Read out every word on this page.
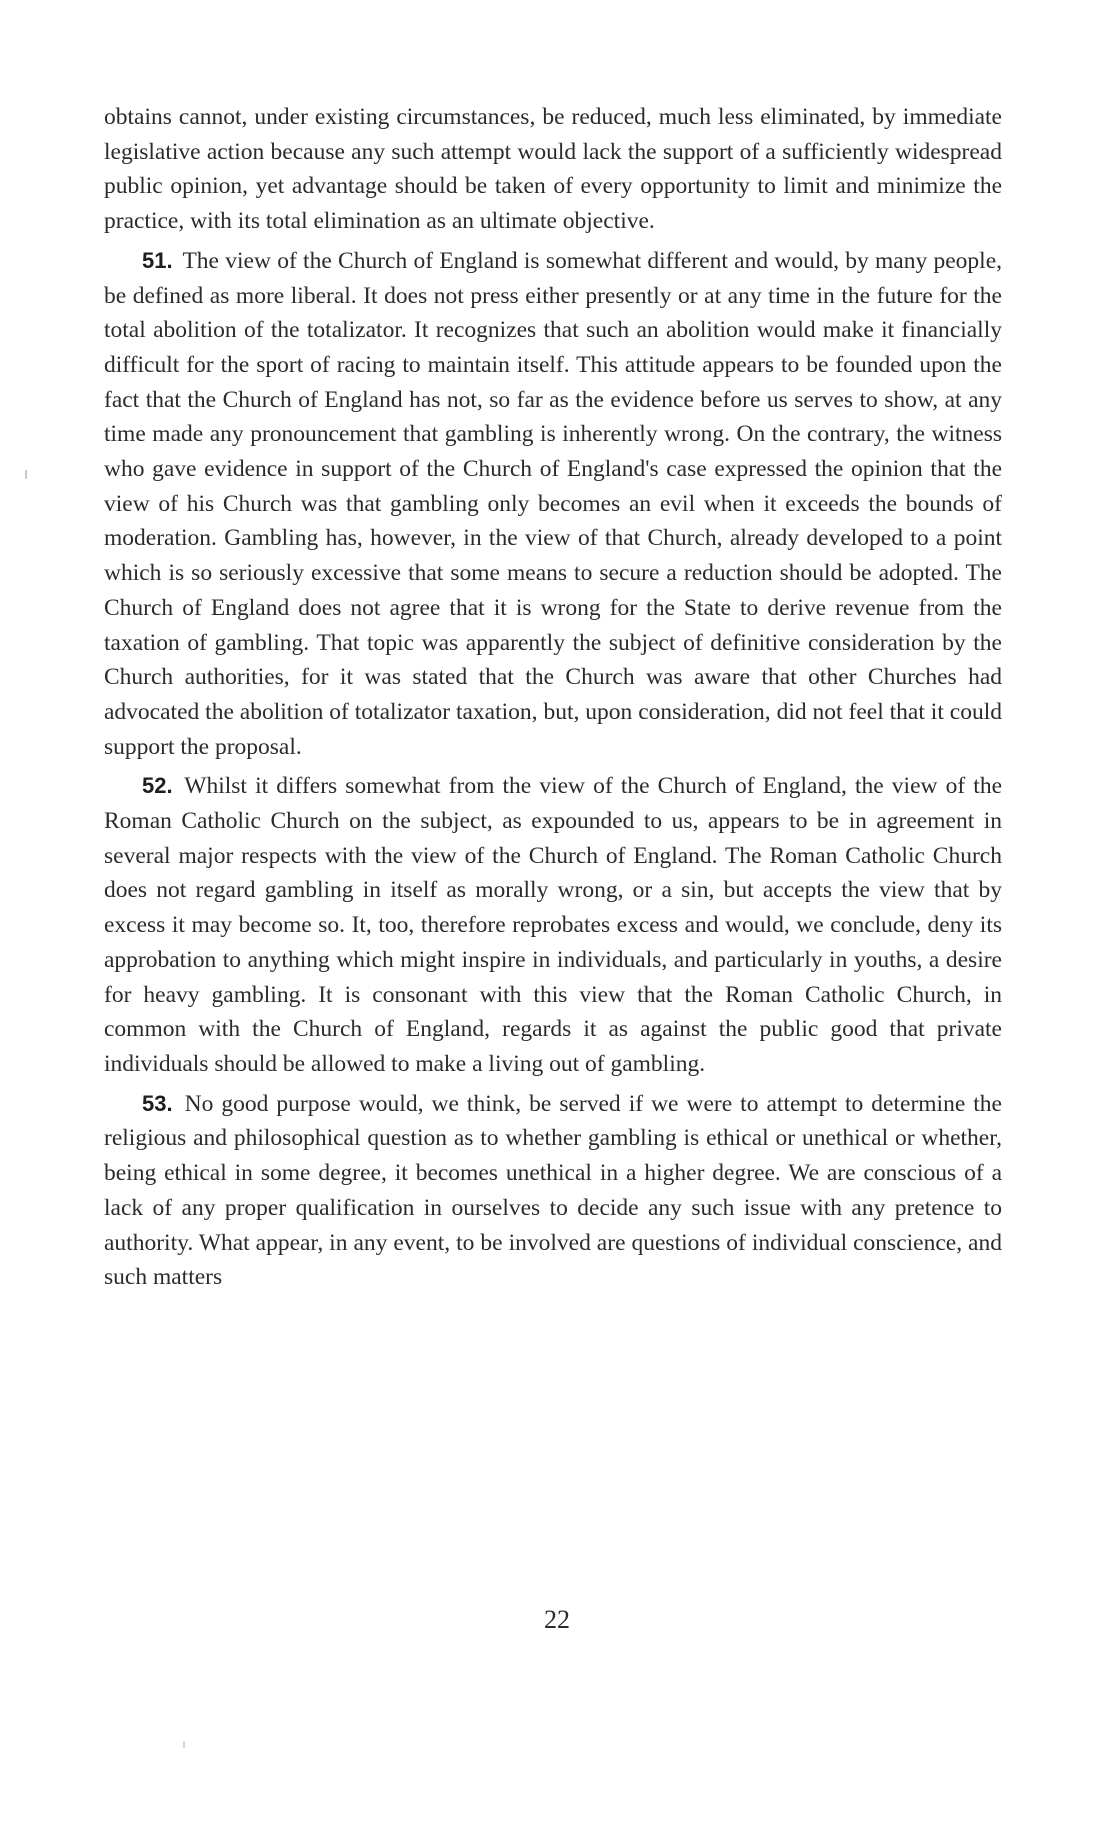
obtains cannot, under existing circumstances, be reduced, much less eliminated, by immediate legislative action because any such attempt would lack the support of a sufficiently widespread public opinion, yet advantage should be taken of every opportunity to limit and minimize the practice, with its total elimination as an ultimate objective.

51. The view of the Church of England is somewhat different and would, by many people, be defined as more liberal. It does not press either presently or at any time in the future for the total abolition of the totalizator. It recognizes that such an abolition would make it financially difficult for the sport of racing to maintain itself. This attitude appears to be founded upon the fact that the Church of England has not, so far as the evidence before us serves to show, at any time made any pronouncement that gambling is inherently wrong. On the contrary, the witness who gave evidence in support of the Church of England's case expressed the opinion that the view of his Church was that gambling only becomes an evil when it exceeds the bounds of moderation. Gambling has, however, in the view of that Church, already developed to a point which is so seriously excessive that some means to secure a reduction should be adopted. The Church of England does not agree that it is wrong for the State to derive revenue from the taxation of gambling. That topic was apparently the subject of definitive consideration by the Church authorities, for it was stated that the Church was aware that other Churches had advocated the abolition of totalizator taxation, but, upon consideration, did not feel that it could support the proposal.

52. Whilst it differs somewhat from the view of the Church of England, the view of the Roman Catholic Church on the subject, as expounded to us, appears to be in agreement in several major respects with the view of the Church of England. The Roman Catholic Church does not regard gambling in itself as morally wrong, or a sin, but accepts the view that by excess it may become so. It, too, therefore reprobates excess and would, we conclude, deny its approbation to anything which might inspire in individuals, and particularly in youths, a desire for heavy gambling. It is consonant with this view that the Roman Catholic Church, in common with the Church of England, regards it as against the public good that private individuals should be allowed to make a living out of gambling.

53. No good purpose would, we think, be served if we were to attempt to determine the religious and philosophical question as to whether gambling is ethical or unethical or whether, being ethical in some degree, it becomes unethical in a higher degree. We are conscious of a lack of any proper qualification in ourselves to decide any such issue with any pretence to authority. What appear, in any event, to be involved are questions of individual conscience, and such matters

22
